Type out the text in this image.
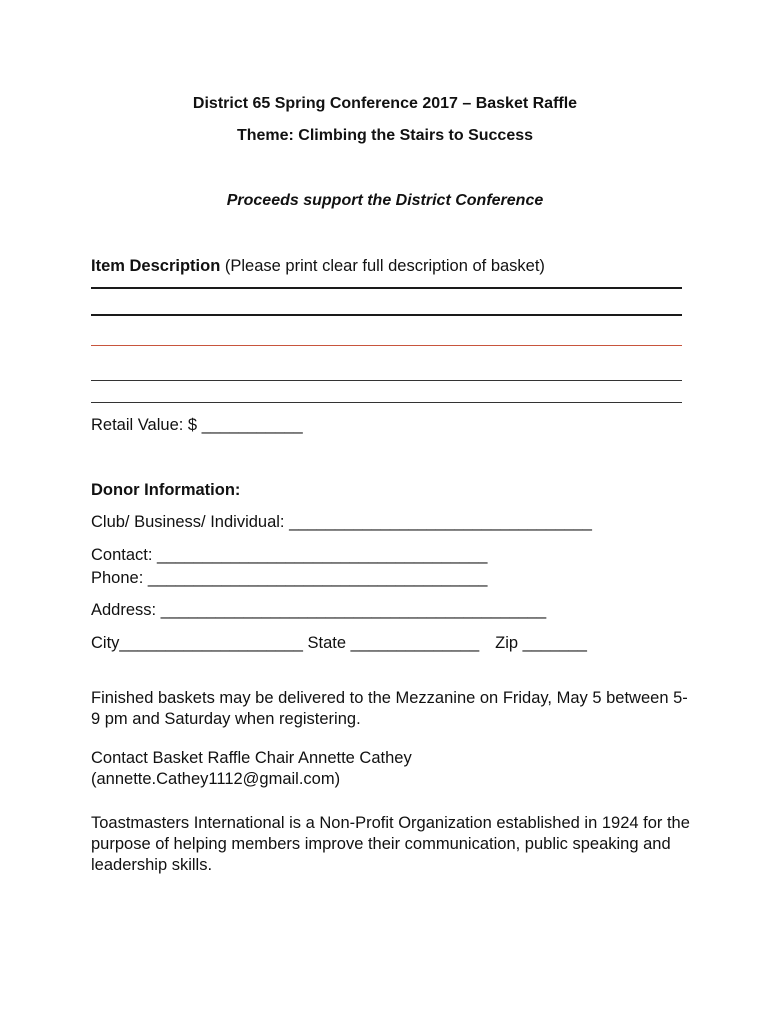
District 65 Spring Conference 2017 – Basket Raffle
Theme: Climbing the Stairs to Success
Proceeds support the District Conference
Item Description (Please print clear full description of basket)
Retail Value: $ ___________
Donor Information:
Club/ Business/ Individual: _________________________________
Contact: ____________________________________
Phone: _____________________________________
Address: __________________________________________
City____________________ State ______________ Zip _______
Finished baskets may be delivered to the Mezzanine on Friday, May 5 between 5-9 pm and Saturday when registering.
Contact Basket Raffle Chair Annette Cathey
(annette.Cathey1112@gmail.com)
Toastmasters International is a Non-Profit Organization established in 1924 for the purpose of helping members improve their communication, public speaking and leadership skills.
